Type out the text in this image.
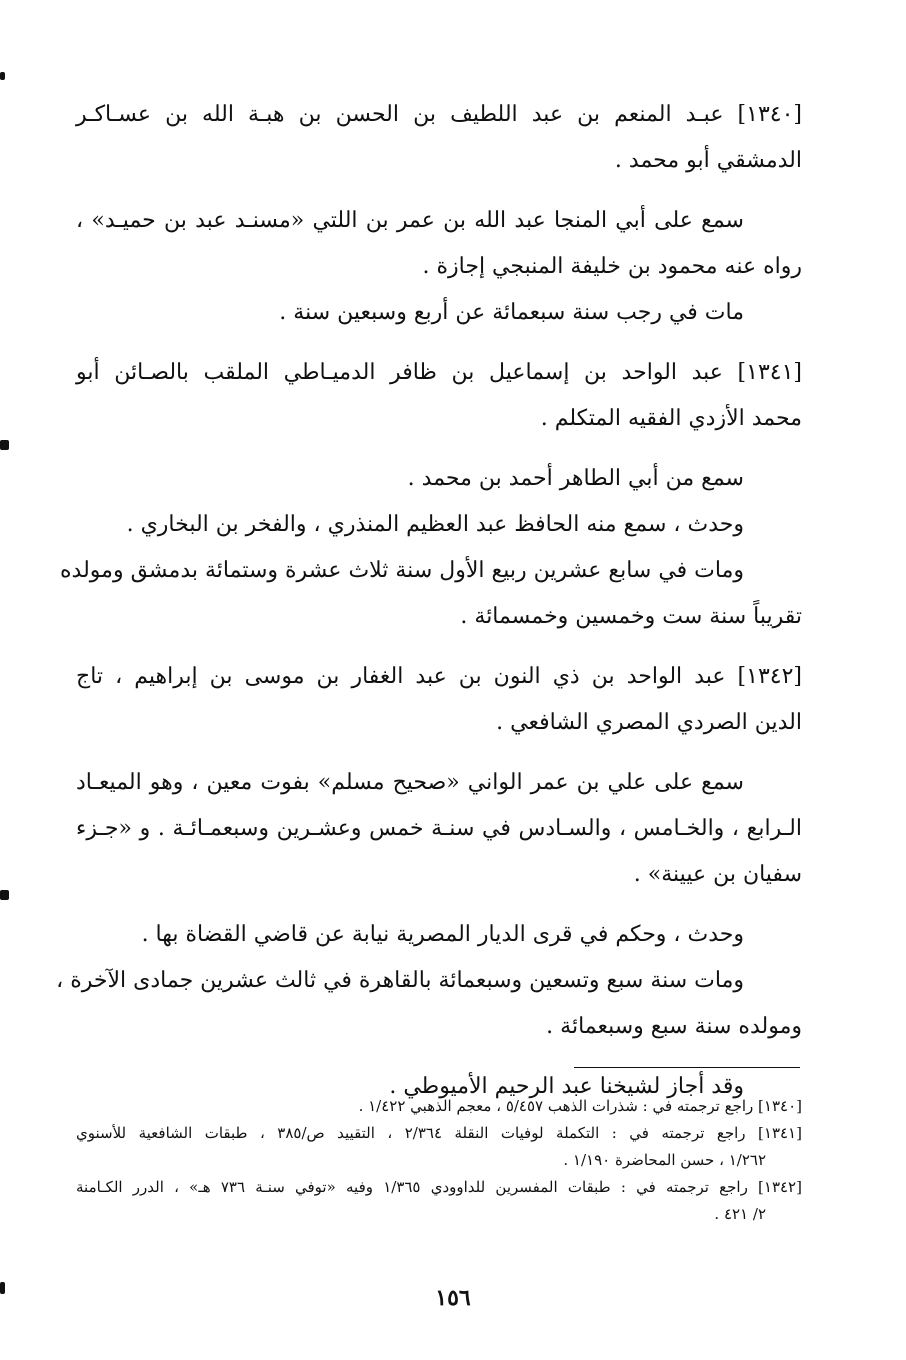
[١٣٤٠] عبـد المنعم بن عبد اللطيف بن الحسن بن هبـة الله بن عسـاكـر
الدمشقي أبو محمد .
سمع على أبي المنجا عبد الله بن عمر بن اللتي «مسنـد عبد بن حميـد» ،
رواه عنه محمود بن خليفة المنبجي إجازة .
مات في رجب سنة سبعمائة عن أربع وسبعين سنة .
[١٣٤١] عبد الواحد بن إسماعيل بن ظافر الدميـاطي الملقب بالصـائن أبو
محمد الأزدي الفقيه المتكلم .
سمع من أبي الطاهر أحمد بن محمد .
وحدث ، سمع منه الحافظ عبد العظيم المنذري ، والفخر بن البخاري .
ومات في سابع عشرين ربيع الأول سنة ثلاث عشرة وستمائة بدمشق ومولده
تقريباً سنة ست وخمسين وخمسمائة .
[١٣٤٢] عبد الواحد بن ذي النون بن عبد الغفار بن موسى بن إبراهيم ، تاج
الدين الصردي المصري الشافعي .
سمع على علي بن عمر الواني «صحيح مسلم» بفوت معين ، وهو الميعـاد
الـرابع ، والخـامس ، والسـادس في سنـة خمس وعشـرين وسبعمـائـة . و «جـزء
سفيان بن عيينة» .
وحدث ، وحكم في قرى الديار المصرية نيابة عن قاضي القضاة بها .
ومات سنة سبع وتسعين وسبعمائة بالقاهرة في ثالث عشرين جمادى الآخرة ،
ومولده سنة سبع وسبعمائة .
وقد أجاز لشيخنا عبد الرحيم الأميوطي .
[١٣٤٠] راجع ترجمته في : شذرات الذهب ٥/٤٥٧ ، معجم الذهبي ١/٤٢٢ .
[١٣٤١] راجع ترجمته في : التكملة لوفيات النقلة ٢/٣٦٤ ، التقييد ص/٣٨٥ ، طبقات الشافعية للأسنوي
١/٢٦٢ ، حسن المحاضرة ١/١٩٠ .
[١٣٤٢] راجع ترجمته في : طبقات المفسرين للداوودي ١/٣٦٥ وفيه «توفي سنـة ٧٣٦ هـ» ، الدرر الكـامنة
٢/ ٤٢١ .
١٥٦
